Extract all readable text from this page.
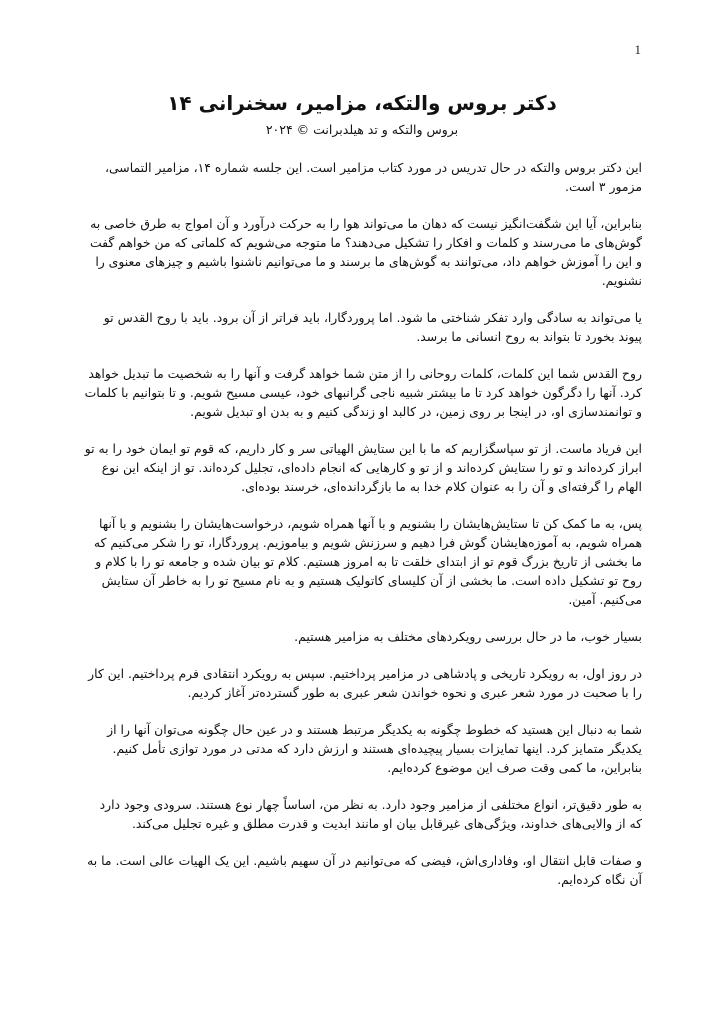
1
دکتر بروس والتکه، مزامیر، سخنرانی ۱۴
بروس والتکه و تد هیلدبرانت © ۲۰۲۴

این دکتر بروس والتکه در حال تدریس در مورد کتاب مزامیر است. این جلسه شماره ۱۴، مزامیر التماسی، مزمور ۳ است.

بنابراین، آیا این شگفت‌انگیز نیست که دهان ما می‌تواند هوا را به حرکت درآورد و آن امواج به طرق خاصی به گوش‌های ما می‌رسند و کلمات و افکار را تشکیل می‌دهند؟ ما متوجه می‌شویم که کلماتی که من خواهم گفت و این را آموزش خواهم داد، می‌توانند به گوش‌های ما برسند و ما می‌توانیم ناشنوا باشیم و چیزهای معنوی را نشنویم.

یا می‌تواند به سادگی وارد تفکر شناختی ما شود. اما پروردگارا، باید فراتر از آن برود. باید با روح القدس تو پیوند بخورد تا بتواند به روح انسانی ما برسد.

روح القدس شما این کلمات، کلمات روحانی را از متن شما خواهد گرفت و آنها را به شخصیت ما تبدیل خواهد کرد. آنها را دگرگون خواهد کرد تا ما بیشتر شبیه ناجی گرانبهای خود، عیسی مسیح شویم. و تا بتوانیم با کلمات و توانمندسازی او، در اینجا بر روی زمین، در کالبد او زندگی کنیم و به بدن او تبدیل شویم.

این فریاد ماست. از تو سپاسگزاریم که ما با این ستایش الهیاتی سر و کار داریم، که قوم تو ایمان خود را به تو ابراز کرده‌اند و تو را ستایش کرده‌اند و از تو و کارهایی که انجام داده‌ای، تجلیل کرده‌اند. تو از اینکه این نوع الهام را گرفته‌ای و آن را به عنوان کلام خدا به ما بازگردانده‌ای، خرسند بوده‌ای.

پس، به ما کمک کن تا ستایش‌هایشان را بشنویم و با آنها همراه شویم، درخواست‌هایشان را بشنویم و با آنها همراه شویم، به آموزه‌هایشان گوش فرا دهیم و سرزنش شویم و بیاموزیم. پروردگارا، تو را شکر می‌کنیم که ما بخشی از تاریخ بزرگ قوم تو از ابتدای خلقت تا به امروز هستیم. کلام تو بیان شده و جامعه تو را با کلام و روح تو تشکیل داده است. ما بخشی از آن کلیسای کاتولیک هستیم و به نام مسیح تو را به خاطر آن ستایش می‌کنیم. آمین.

بسیار خوب، ما در حال بررسی رویکردهای مختلف به مزامیر هستیم.

در روز اول، به رویکرد تاریخی و پادشاهی در مزامیر پرداختیم. سپس به رویکرد انتقادی فرم پرداختیم. این کار را با صحبت در مورد شعر عبری و نحوه خواندن شعر عبری به طور گسترده‌تر آغاز کردیم.

شما به دنبال این هستید که خطوط چگونه به یکدیگر مرتبط هستند و در عین حال چگونه می‌توان آنها را از یکدیگر متمایز کرد. اینها تمایزات بسیار پیچیده‌ای هستند و ارزش دارد که مدتی در مورد توازی تأمل کنیم. بنابراین، ما کمی وقت صرف این موضوع کرده‌ایم.

به طور دقیق‌تر، انواع مختلفی از مزامیر وجود دارد. به نظر من، اساساً چهار نوع هستند. سرودی وجود دارد که از والایی‌های خداوند، ویژگی‌های غیرقابل بیان او مانند ابدیت و قدرت مطلق و غیره تجلیل می‌کند.

و صفات قابل انتقال او، وفاداری‌اش، فیضی که می‌توانیم در آن سهیم باشیم. این یک الهیات عالی است. ما به آن نگاه کرده‌ایم.
